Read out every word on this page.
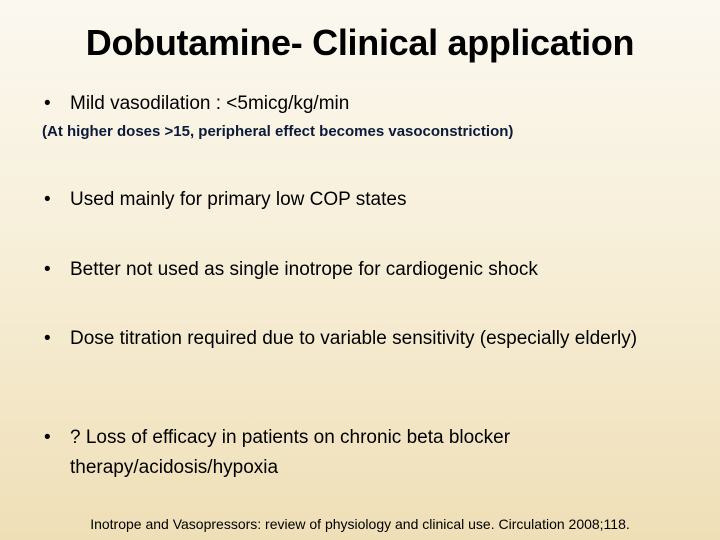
Dobutamine- Clinical application
•	Mild vasodilation : <5micg/kg/min
(At higher doses >15, peripheral effect becomes vasoconstriction)
•	Used mainly for primary low COP states
•	Better not used as single inotrope for cardiogenic shock
•	Dose titration required due to variable sensitivity (especially elderly)
•	? Loss of efficacy in patients on chronic beta blocker therapy/acidosis/hypoxia
Inotrope and Vasopressors: review of physiology and clinical use. Circulation 2008;118.
